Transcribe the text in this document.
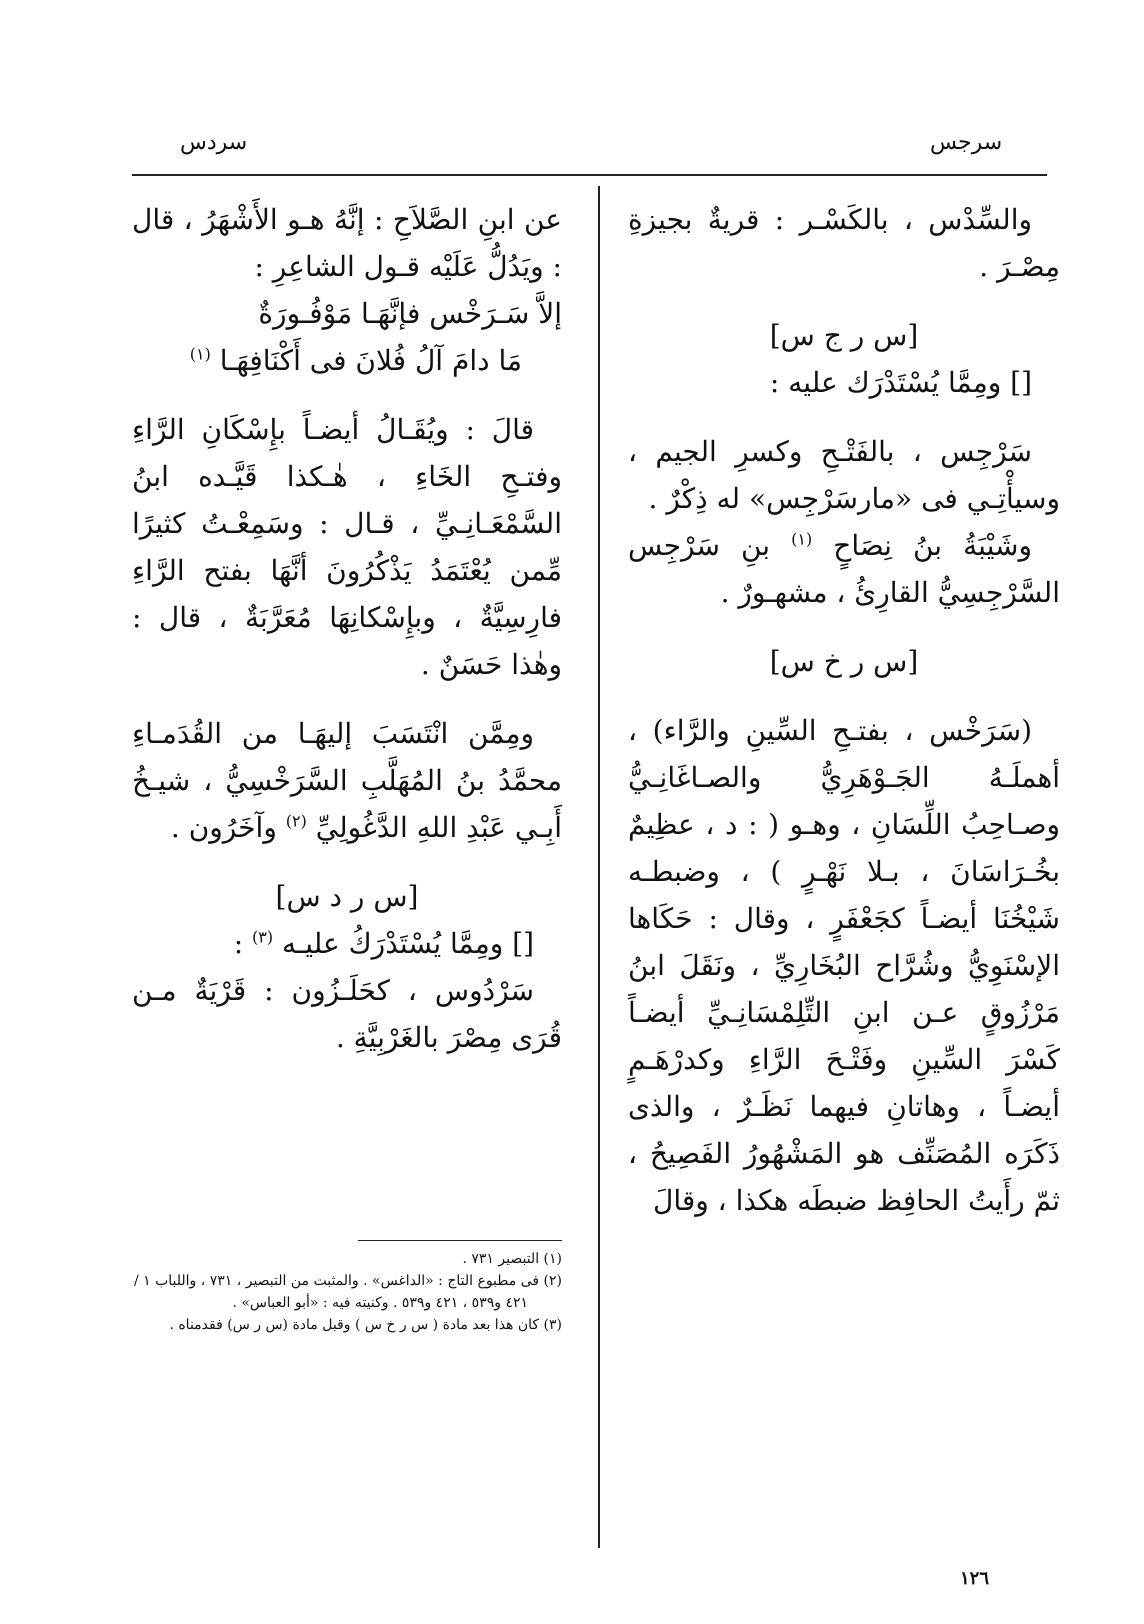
سرجس
سردس

والسِّدْس ، بالكَسْـر : قريةٌ بجيزةِ مِصْـرَ .

[س ر ج س]

[] ومِمَّا يُسْتَدْرَك عليه :

سَرْجِس ، بالفَتْـحِ وكسرِ الجيم ، وسيأْتِـي فى «مارسَرْجِس» له ذِكْرٌ .

وشَيْبَةُ بنُ نِصَاحٍ $^{(١)}$ بنِ سَرْجِس السَّرْجِسِيُّ القارِئُ ، مشهـورٌ .

[س ر خ س]

(سَرَخْس ، بفتـحِ السِّينِ والرَّاء) ، أهملَـهُ الجَـوْهَرِيُّ والصـاغَانِـيُّ وصـاحِبُ اللِّسَانِ ، وهـو ( : د ، عظِيمٌ بخُـرَاسَانَ ، بـلا نَهْـرٍ ) ، وضبطـه شَيْخُنَا أيضـاً كجَعْفَرٍ ، وقال : حَكَاها الإسْنَوِيُّ وشُرَّاح البُخَارِيِّ ، ونَقَلَ ابنُ مَرْزُوقٍ عـن ابنِ التِّلِمْسَانِـيِّ أيضـاً كَسْرَ السِّينِ وفَتْـحَ الرَّاءِ وكدرْهَـمٍ أيضـاً ، وهاتانِ فيهما نَظَـرٌ ، والذى ذَكَرَه المُصَنِّف هو المَشْهُورُ الفَصِيحُ ، ثمّ رأَيتُ الحافِظ ضبطَه هكذا ، وقالَ

عن ابنِ الصَّلاَحِ : إنَّهُ هـو الأَشْهَرُ ، قال : ويَدُلُّ عَلَيْه قـول الشاعِرِ :

إلاَّ سَـرَخْس فإنَّهَـا مَوْفُـورَةٌ

مَا دامَ آلُ فُلانَ فى أَكْنَافِهَـا $^{(١)}$

قالَ : ويُقَـالُ أيضـاً بإِسْكَانِ الرَّاءِ وفتـحِ الخَاءِ ، هٰـكذا قَيَّـده ابنُ السَّمْعَـانِـيِّ ، قـال : وسَمِعْـتُ كثيرًا مِّمن يُعْتَمَدُ يَذْكُرُونَ أنَّهَا بفتح الرَّاءِ فارِسِيَّةٌ ، وبإِسْكانِهَا مُعَرَّبَةٌ ، قال : وهٰذا حَسَنٌ .

ومِمَّن انْتَسَبَ إليهَـا من القُدَمـاءِ محمَّدُ بنُ المُهَلَّبِ السَّرَخْسِيُّ ، شيـخُ أَبِـي عَبْدِ اللهِ الدَّغُولِيِّ $^{(٢)}$ وآخَرُون .

[س ر د س]

[] ومِمَّا يُسْتَدْرَكُ عليـه $^{(٣)}$ :

سَرْدُوس ، كحَلَـزُون : قَرْيَةٌ مـن قُرَى مِصْرَ بالغَرْبِيَّةِ .

(١) التبصير ٧٣١ .

(٢) فى مطبوع التاج : «الداغس» . والمثبت من التبصير ، ٧٣١ ، واللباب ١ / ٤٢١ و٥٣٩ ، ٤٢١ و٥٣٩ . وكنيته فيه : «أبو العباس» .

(٣) كان هذا بعد مادة ( س ر خ س ) وقبل مادة (س ر س) فقدمناه .

١٢٦
